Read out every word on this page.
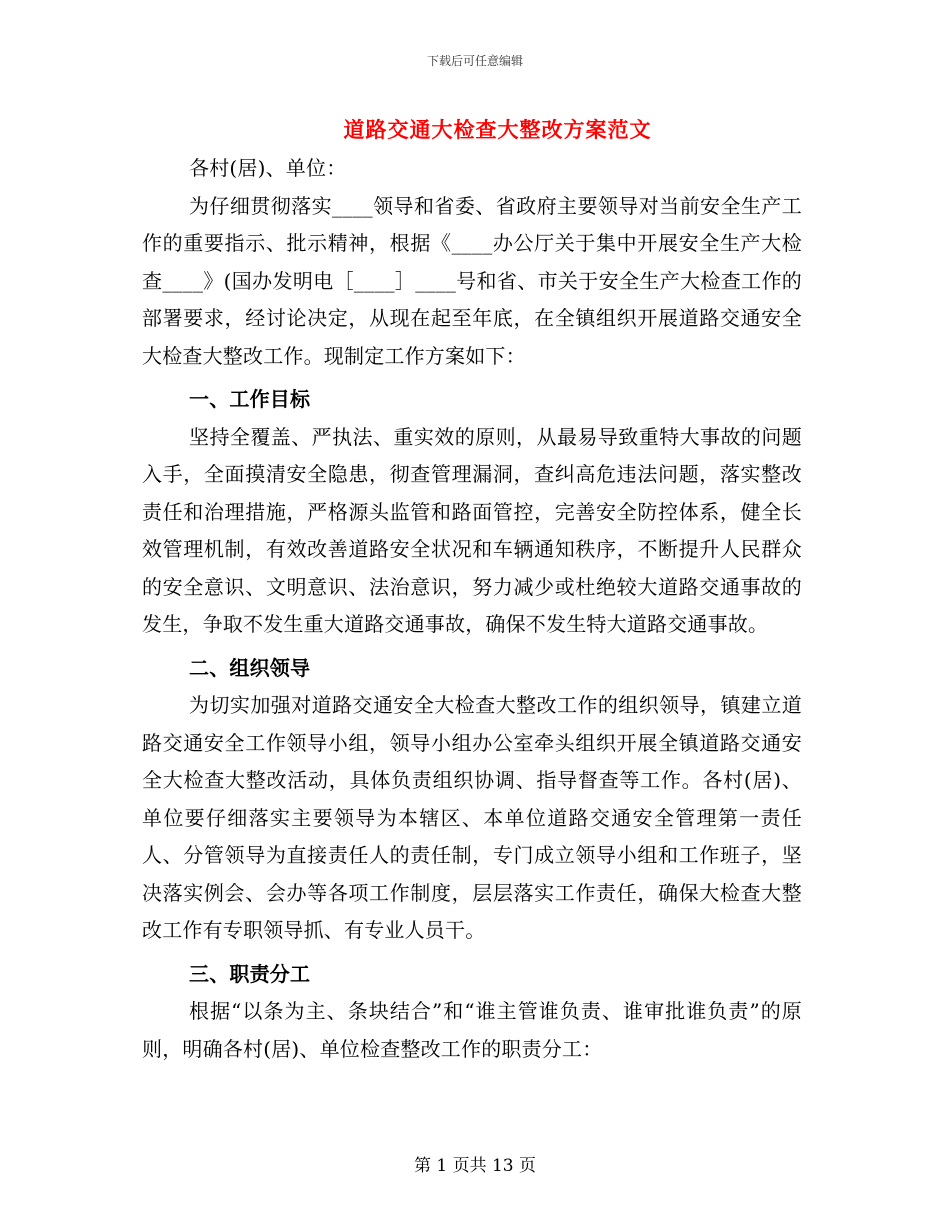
下载后可任意编辑
道路交通大检查大整改方案范文

各村(居)、单位：

为仔细贯彻落实____领导和省委、省政府主要领导对当前安全生产工作的重要指示、批示精神，根据《____办公厅关于集中开展安全生产大检查____》(国办发明电［____］____号和省、市关于安全生产大检查工作的部署要求，经讨论决定，从现在起至年底，在全镇组织开展道路交通安全大检查大整改工作。现制定工作方案如下：

一、工作目标

坚持全覆盖、严执法、重实效的原则，从最易导致重特大事故的问题入手，全面摸清安全隐患，彻查管理漏洞，查纠高危违法问题，落实整改责任和治理措施，严格源头监管和路面管控，完善安全防控体系，健全长效管理机制，有效改善道路安全状况和车辆通知秩序，不断提升人民群众的安全意识、文明意识、法治意识，努力减少或杜绝较大道路交通事故的发生，争取不发生重大道路交通事故，确保不发生特大道路交通事故。

二、组织领导

为切实加强对道路交通安全大检查大整改工作的组织领导，镇建立道路交通安全工作领导小组，领导小组办公室牵头组织开展全镇道路交通安全大检查大整改活动，具体负责组织协调、指导督查等工作。各村(居)、单位要仔细落实主要领导为本辖区、本单位道路交通安全管理第一责任人、分管领导为直接责任人的责任制，专门成立领导小组和工作班子，坚决落实例会、会办等各项工作制度，层层落实工作责任，确保大检查大整改工作有专职领导抓、有专业人员干。

三、职责分工

根据“以条为主、条块结合”和“谁主管谁负责、谁审批谁负责”的原则，明确各村(居)、单位检查整改工作的职责分工：

第 1 页共 13 页
